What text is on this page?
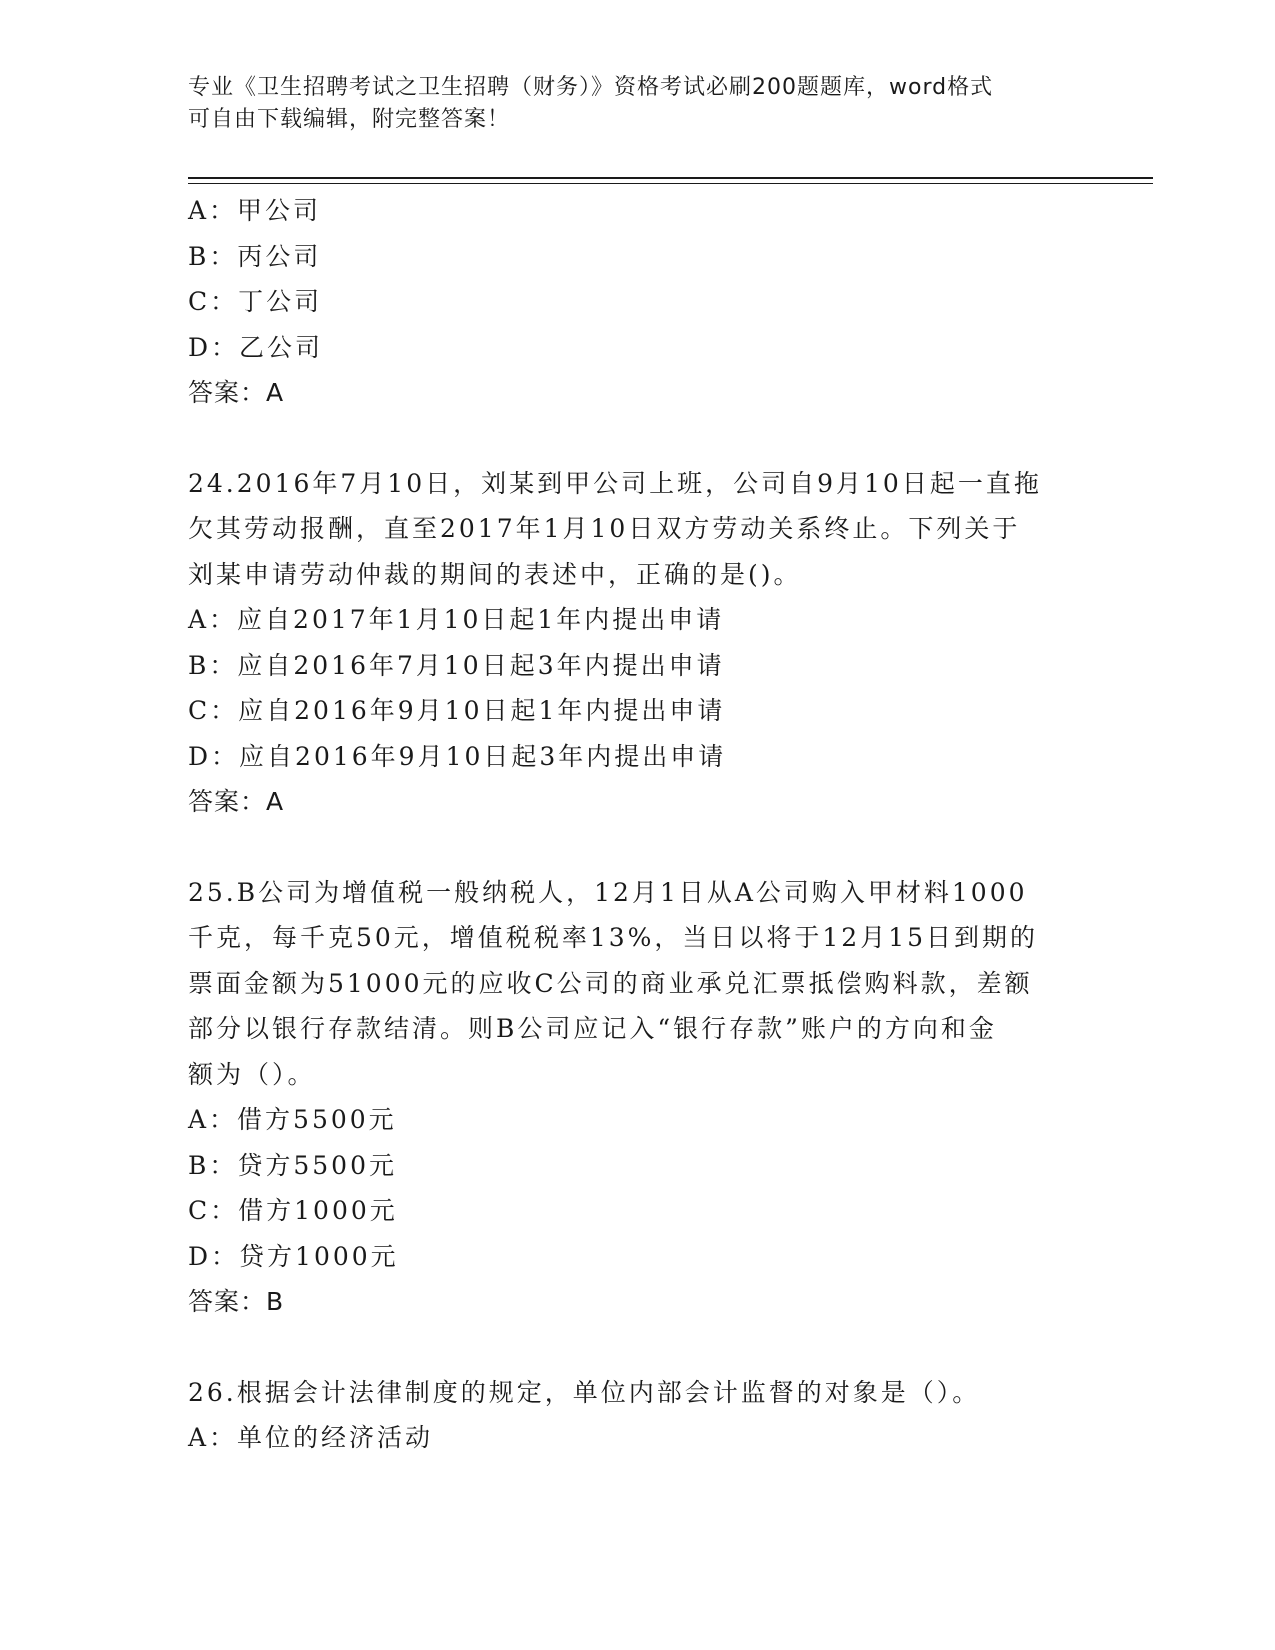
专业《卫生招聘考试之卫生招聘（财务）》资格考试必刷200题题库，word格式
可自由下载编辑，附完整答案！
A：甲公司
B：丙公司
C：丁公司
D：乙公司
答案：A
24.2016年7月10日，刘某到甲公司上班，公司自9月10日起一直拖
欠其劳动报酬，直至2017年1月10日双方劳动关系终止。下列关于
刘某申请劳动仲裁的期间的表述中，正确的是()。
A：应自2017年1月10日起1年内提出申请
B：应自2016年7月10日起3年内提出申请
C：应自2016年9月10日起1年内提出申请
D：应自2016年9月10日起3年内提出申请
答案：A
25.B公司为增值税一般纳税人，12月1日从A公司购入甲材料1000
千克，每千克50元，增值税税率13%，当日以将于12月15日到期的
票面金额为51000元的应收C公司的商业承兑汇票抵偿购料款，差额
部分以银行存款结清。则B公司应记入“银行存款”账户的方向和金
额为（）。
A：借方5500元
B：贷方5500元
C：借方1000元
D：贷方1000元
答案：B
26.根据会计法律制度的规定，单位内部会计监督的对象是（）。
A：单位的经济活动
